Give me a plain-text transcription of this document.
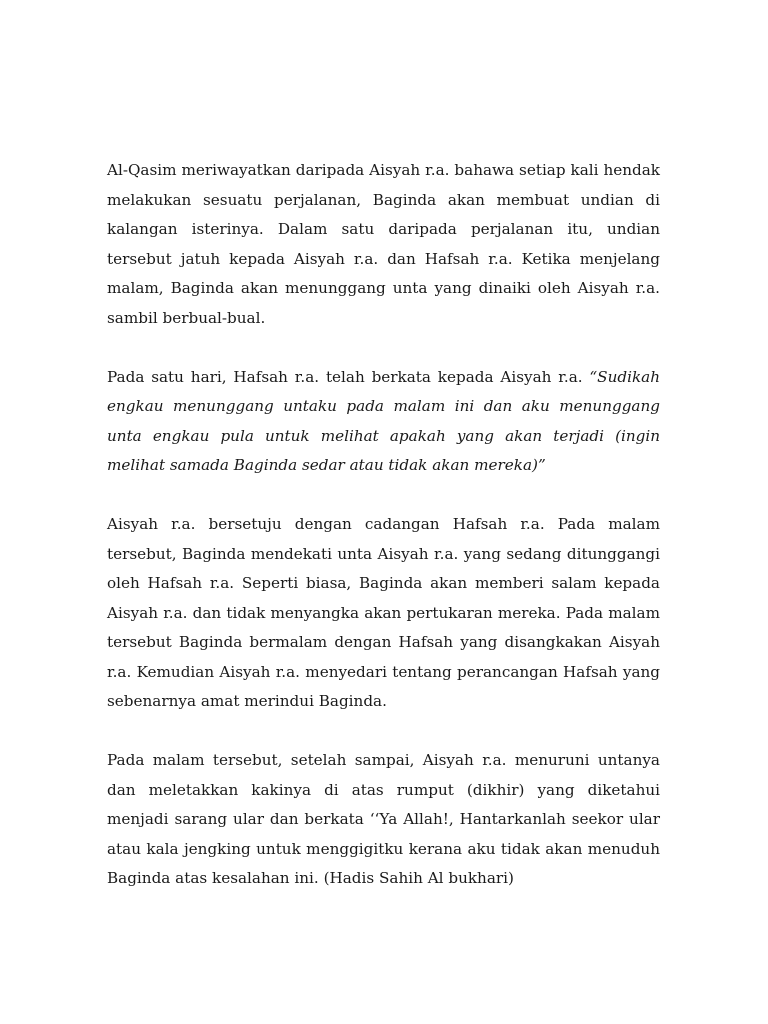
Al-Qasim meriwayatkan daripada Aisyah r.a. bahawa setiap kali hendak melakukan sesuatu perjalanan, Baginda akan membuat undian di kalangan isterinya. Dalam satu daripada perjalanan itu, undian tersebut jatuh kepada Aisyah r.a. dan Hafsah r.a. Ketika menjelang malam, Baginda akan menunggang unta yang dinaiki oleh Aisyah r.a. sambil berbual-bual.

Pada satu hari, Hafsah r.a. telah berkata kepada Aisyah r.a. “Sudikah engkau menunggang untaku pada malam ini dan aku menunggang unta engkau pula untuk melihat apakah yang akan terjadi (ingin melihat samada Baginda sedar atau tidak akan mereka)”

Aisyah r.a. bersetuju dengan cadangan Hafsah r.a. Pada malam tersebut, Baginda mendekati unta Aisyah r.a. yang sedang ditunggangi oleh Hafsah r.a. Seperti biasa, Baginda akan memberi salam kepada Aisyah r.a. dan tidak menyangka akan pertukaran mereka. Pada malam tersebut Baginda bermalam dengan Hafsah yang disangkakan Aisyah r.a. Kemudian Aisyah r.a. menyedari tentang perancangan Hafsah yang sebenarnya amat merindui Baginda.

Pada malam tersebut, setelah sampai, Aisyah r.a. menuruni untanya dan meletakkan kakinya di atas rumput (dikhir) yang diketahui menjadi sarang ular dan berkata ‘‘Ya Allah!, Hantarkanlah seekor ular atau kala jengking untuk menggigitku kerana aku tidak akan menuduh Baginda atas kesalahan ini. (Hadis Sahih Al bukhari)
